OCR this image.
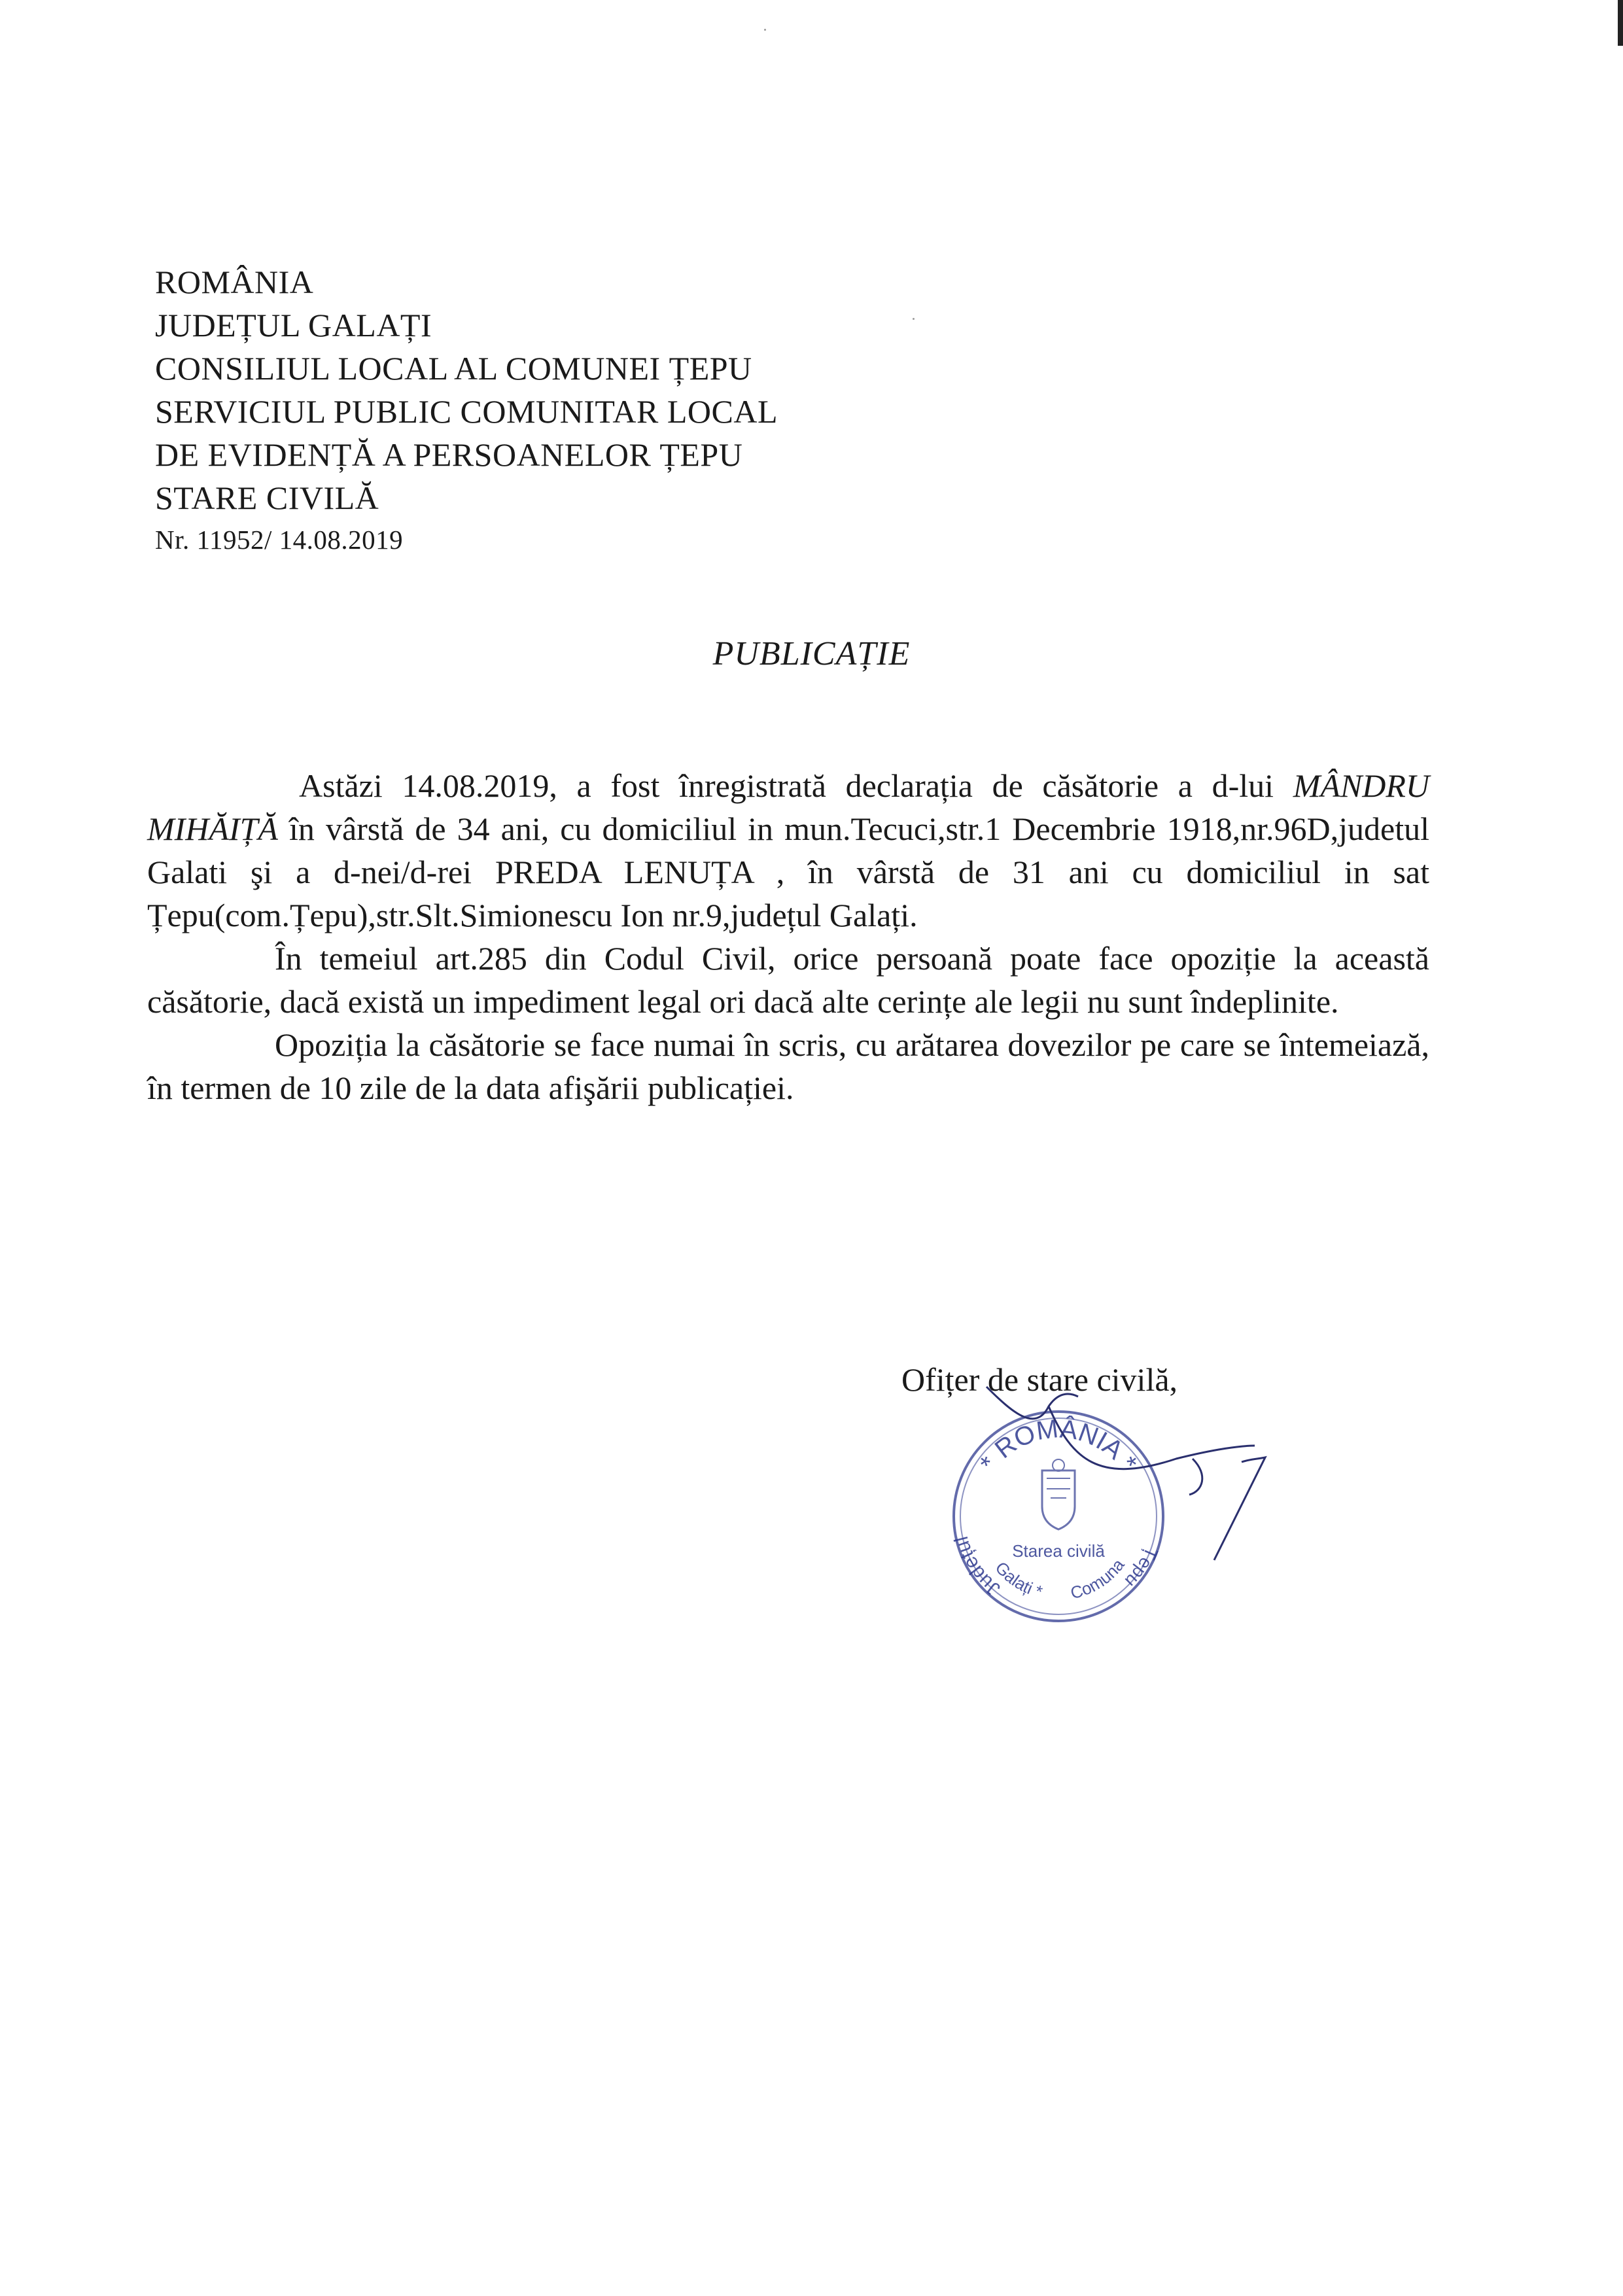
ROMÂNIA
JUDEȚUL GALAȚI
CONSILIUL LOCAL AL COMUNEI ȚEPU
SERVICIUL PUBLIC COMUNITAR LOCAL
DE EVIDENȚĂ A PERSOANELOR ȚEPU
STARE CIVILĂ
Nr. 11952/ 14.08.2019
PUBLICAȚIE

Astăzi 14.08.2019, a fost înregistrată declarația de căsătorie a d-lui MÂNDRU MIHĂIȚĂ în vârstă de 34 ani, cu domiciliul in mun.Tecuci,str.1 Decembrie 1918,nr.96D,judetul Galati şi a d-nei/d-rei PREDA LENUȚA , în vârstă de 31 ani cu domiciliul in sat Țepu(com.Țepu),str.Slt.Simionescu Ion nr.9,județul Galați.

În temeiul art.285 din Codul Civil, orice persoană poate face opoziție la această căsătorie, dacă există un impediment legal ori dacă alte cerințe ale legii nu sunt îndeplinite.

Opoziția la căsătorie se face numai în scris, cu arătarea dovezilor pe care se întemeiază, în termen de 10 zile de la data afişării publicației.

Ofițer de stare civilă,
* ROMÂNIA *
Județul
Țepu
Galați * Comuna
Starea civilă
